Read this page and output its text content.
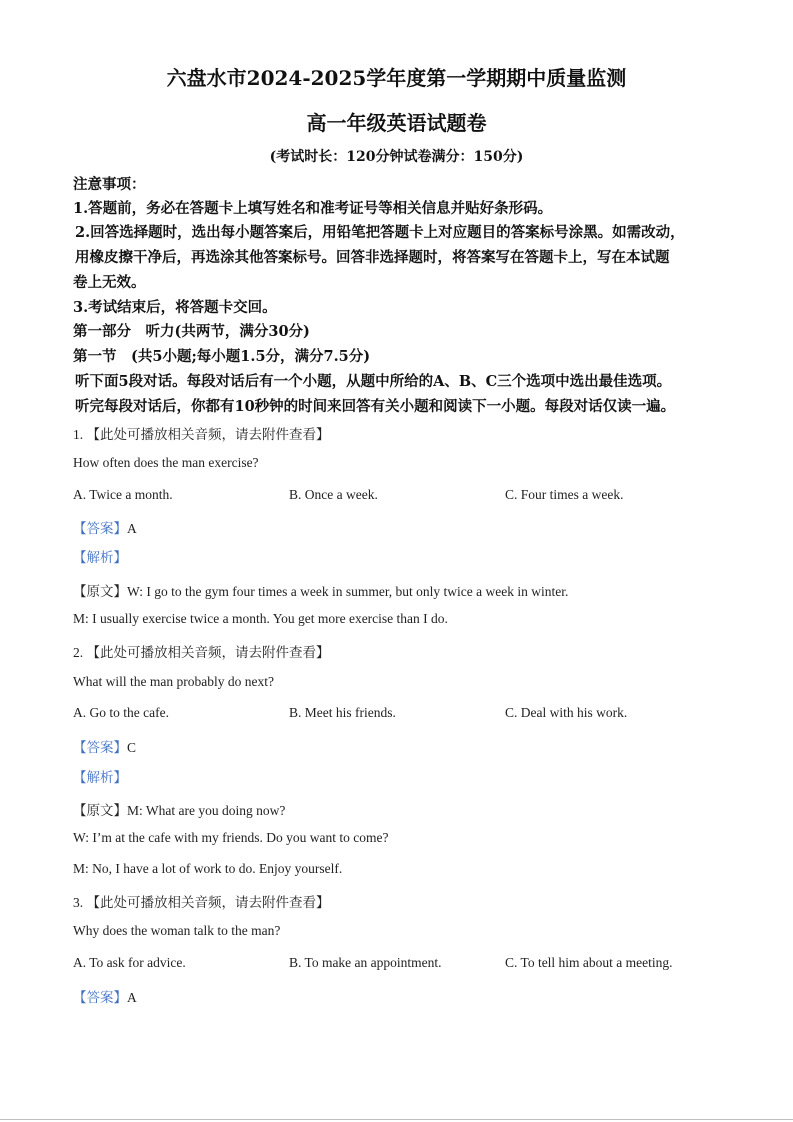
六盘水市2024-2025学年度第一学期期中质量监测
高一年级英语试题卷
(考试时长：120分钟试卷满分：150分)
注意事项：
1.答题前，务必在答题卡上填写姓名和准考证号等相关信息并贴好条形码。
2.回答选择题时，选出每小题答案后，用铅笔把答题卡上对应题目的答案标号涂黑。如需改动，
用橡皮擦干净后，再选涂其他答案标号。回答非选择题时，将答案写在答题卡上，写在本试题
卷上无效。
3.考试结束后，将答题卡交回。
第一部分　听力(共两节，满分30分)
第一节　(共5小题;每小题1.5分，满分7.5分)
听下面5段对话。每段对话后有一个小题，从题中所给的A、B、C三个选项中选出最佳选项。
听完每段对话后，你都有10秒钟的时间来回答有关小题和阅读下一小题。每段对话仅读一遍。
1. 【此处可播放相关音频，请去附件查看】
How often does the man exercise?
A. Twice a month.	B. Once a week.	C. Four times a week.
【答案】A
【解析】
【原文】W: I go to the gym four times a week in summer, but only twice a week in winter.
M: I usually exercise twice a month. You get more exercise than I do.
2. 【此处可播放相关音频，请去附件查看】
What will the man probably do next?
A. Go to the cafe.	B. Meet his friends.	C. Deal with his work.
【答案】C
【解析】
【原文】M: What are you doing now?
W: I’m at the cafe with my friends. Do you want to come?
M: No, I have a lot of work to do. Enjoy yourself.
3. 【此处可播放相关音频，请去附件查看】
Why does the woman talk to the man?
A. To ask for advice.	B. To make an appointment.	C. To tell him about a meeting.
【答案】A
